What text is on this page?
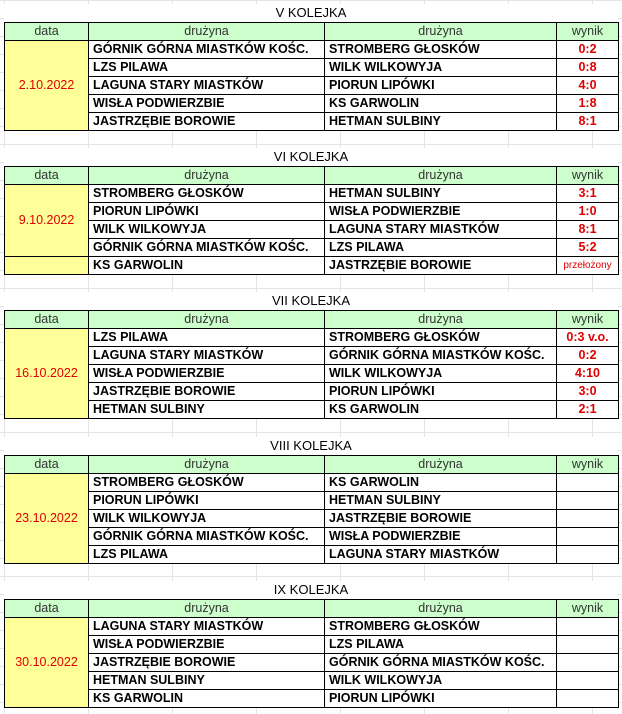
V KOLEJKA
data	drużyna	drużyna	wynik
2.10.2022	GÓRNIK GÓRNA MIASTKÓW KOŚC.	STROMBERG GŁOSKÓW	0:2
	LZS PILAWA	WILK WILKOWYJA	0:8
	LAGUNA STARY MIASTKÓW	PIORUN LIPÓWKI	4:0
	WISŁA PODWIERZBIE	KS GARWOLIN	1:8
	JASTRZĘBIE BOROWIE	HETMAN SULBINY	8:1
VI KOLEJKA
data	drużyna	drużyna	wynik
9.10.2022	STROMBERG GŁOSKÓW	HETMAN SULBINY	3:1
	PIORUN LIPÓWKI	WISŁA PODWIERZBIE	1:0
	WILK WILKOWYJA	LAGUNA STARY MIASTKÓW	8:1
	GÓRNIK GÓRNA MIASTKÓW KOŚC.	LZS PILAWA	5:2
	KS GARWOLIN	JASTRZĘBIE BOROWIE	przełożony
VII KOLEJKA
data	drużyna	drużyna	wynik
16.10.2022	LZS PILAWA	STROMBERG GŁOSKÓW	0:3 v.o.
	LAGUNA STARY MIASTKÓW	GÓRNIK GÓRNA MIASTKÓW KOŚC.	0:2
	WISŁA PODWIERZBIE	WILK WILKOWYJA	4:10
	JASTRZĘBIE BOROWIE	PIORUN LIPÓWKI	3:0
	HETMAN SULBINY	KS GARWOLIN	2:1
VIII KOLEJKA
data	drużyna	drużyna	wynik
23.10.2022	STROMBERG GŁOSKÓW	KS GARWOLIN	
	PIORUN LIPÓWKI	HETMAN SULBINY	
	WILK WILKOWYJA	JASTRZĘBIE BOROWIE	
	GÓRNIK GÓRNA MIASTKÓW KOŚC.	WISŁA PODWIERZBIE	
	LZS PILAWA	LAGUNA STARY MIASTKÓW	
IX KOLEJKA
data	drużyna	drużyna	wynik
30.10.2022	LAGUNA STARY MIASTKÓW	STROMBERG GŁOSKÓW	
	WISŁA PODWIERZBIE	LZS PILAWA	
	JASTRZĘBIE BOROWIE	GÓRNIK GÓRNA MIASTKÓW KOŚC.	
	HETMAN SULBINY	WILK WILKOWYJA	
	KS GARWOLIN	PIORUN LIPÓWKI	
